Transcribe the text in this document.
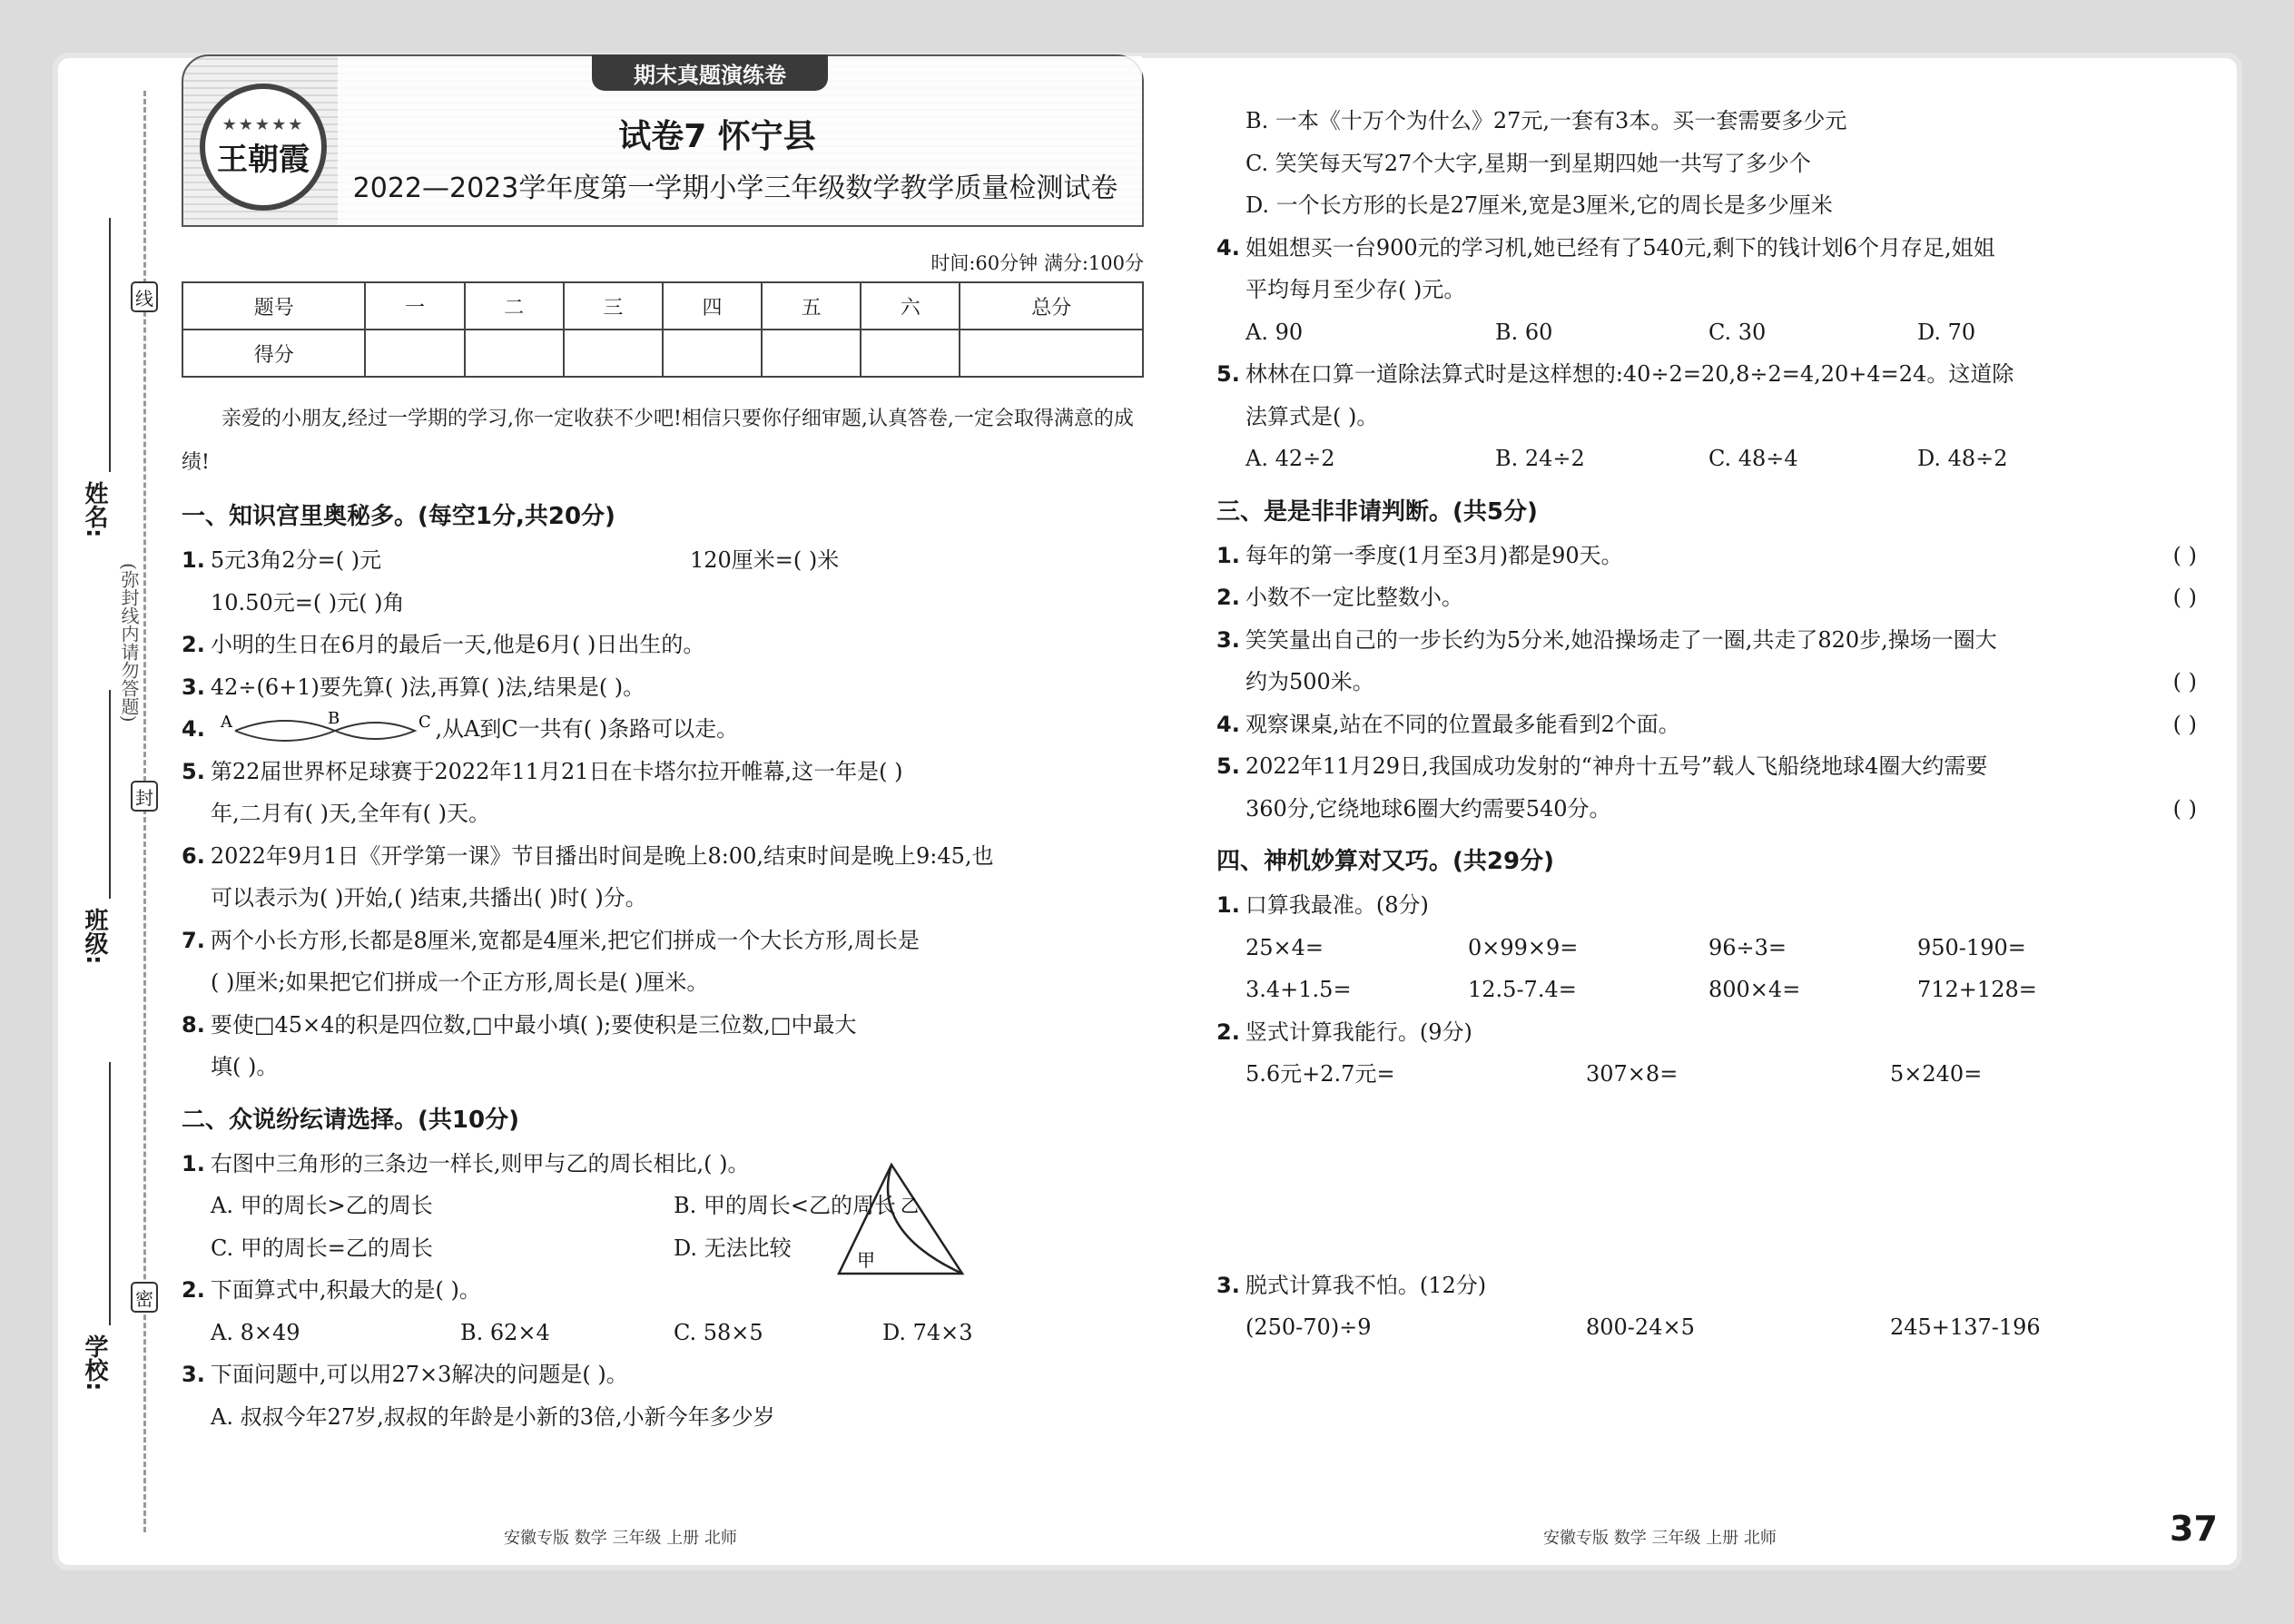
姓名:
班级:
学校:
线
封
密
(弥封线内请勿答题)
★★★★★
王朝霞
期末真题演练卷
试卷7 怀宁县
2022—2023学年度第一学期小学三年级数学教学质量检测试卷
时间:60分钟 满分:100分
题号	一	二	三	四	五	六	总分
得分							
亲爱的小朋友,经过一学期的学习,你一定收获不少吧!相信只要你仔细审题,认真答卷,一定会取得满意的成绩!
一、知识宫里奥秘多。(每空1分,共20分)
1. 5元3角2分=( )元	120厘米=( )米
10.50元=( )元( )角
2. 小明的生日在6月的最后一天,他是6月( )日出生的。
3. 42÷(6+1)要先算( )法,再算( )法,结果是( )。
4. A	B	C ,从A到C一共有( )条路可以走。
5. 第22届世界杯足球赛于2022年11月21日在卡塔尔拉开帷幕,这一年是( )
年,二月有( )天,全年有( )天。
6. 2022年9月1日《开学第一课》节目播出时间是晚上8:00,结束时间是晚上9:45,也
可以表示为( )开始,( )结束,共播出( )时( )分。
7. 两个小长方形,长都是8厘米,宽都是4厘米,把它们拼成一个大长方形,周长是
( )厘米;如果把它们拼成一个正方形,周长是( )厘米。
8. 要使□45×4的积是四位数,□中最小填( );要使积是三位数,□中最大
填( )。
二、众说纷纭请选择。(共10分)
1. 右图中三角形的三条边一样长,则甲与乙的周长相比,( )。
A. 甲的周长>乙的周长	B. 甲的周长<乙的周长
C. 甲的周长=乙的周长	D. 无法比较
2. 下面算式中,积最大的是( )。
A. 8×49	B. 62×4	C. 58×5	D. 74×3
3. 下面问题中,可以用27×3解决的问题是( )。
A. 叔叔今年27岁,叔叔的年龄是小新的3倍,小新今年多少岁
甲
乙
B. 一本《十万个为什么》27元,一套有3本。买一套需要多少元
C. 笑笑每天写27个大字,星期一到星期四她一共写了多少个
D. 一个长方形的长是27厘米,宽是3厘米,它的周长是多少厘米
4. 姐姐想买一台900元的学习机,她已经有了540元,剩下的钱计划6个月存足,姐姐
平均每月至少存( )元。
A. 90	B. 60	C. 30	D. 70
5. 林林在口算一道除法算式时是这样想的:40÷2=20,8÷2=4,20+4=24。这道除
法算式是( )。
A. 42÷2	B. 24÷2	C. 48÷4	D. 48÷2
三、是是非非请判断。(共5分)
1. 每年的第一季度(1月至3月)都是90天。	( )
2. 小数不一定比整数小。	( )
3. 笑笑量出自己的一步长约为5分米,她沿操场走了一圈,共走了820步,操场一圈大
约为500米。	( )
4. 观察课桌,站在不同的位置最多能看到2个面。	( )
5. 2022年11月29日,我国成功发射的“神舟十五号”载人飞船绕地球4圈大约需要
360分,它绕地球6圈大约需要540分。	( )
四、神机妙算对又巧。(共29分)
1. 口算我最准。(8分)
25×4=	0×99×9=	96÷3=	950-190=
3.4+1.5=	12.5-7.4=	800×4=	712+128=
2. 竖式计算我能行。(9分)
5.6元+2.7元=	307×8=	5×240=
3. 脱式计算我不怕。(12分)
(250-70)÷9	800-24×5	245+137-196
安徽专版 数学 三年级 上册 北师	安徽专版 数学 三年级 上册 北师	37
